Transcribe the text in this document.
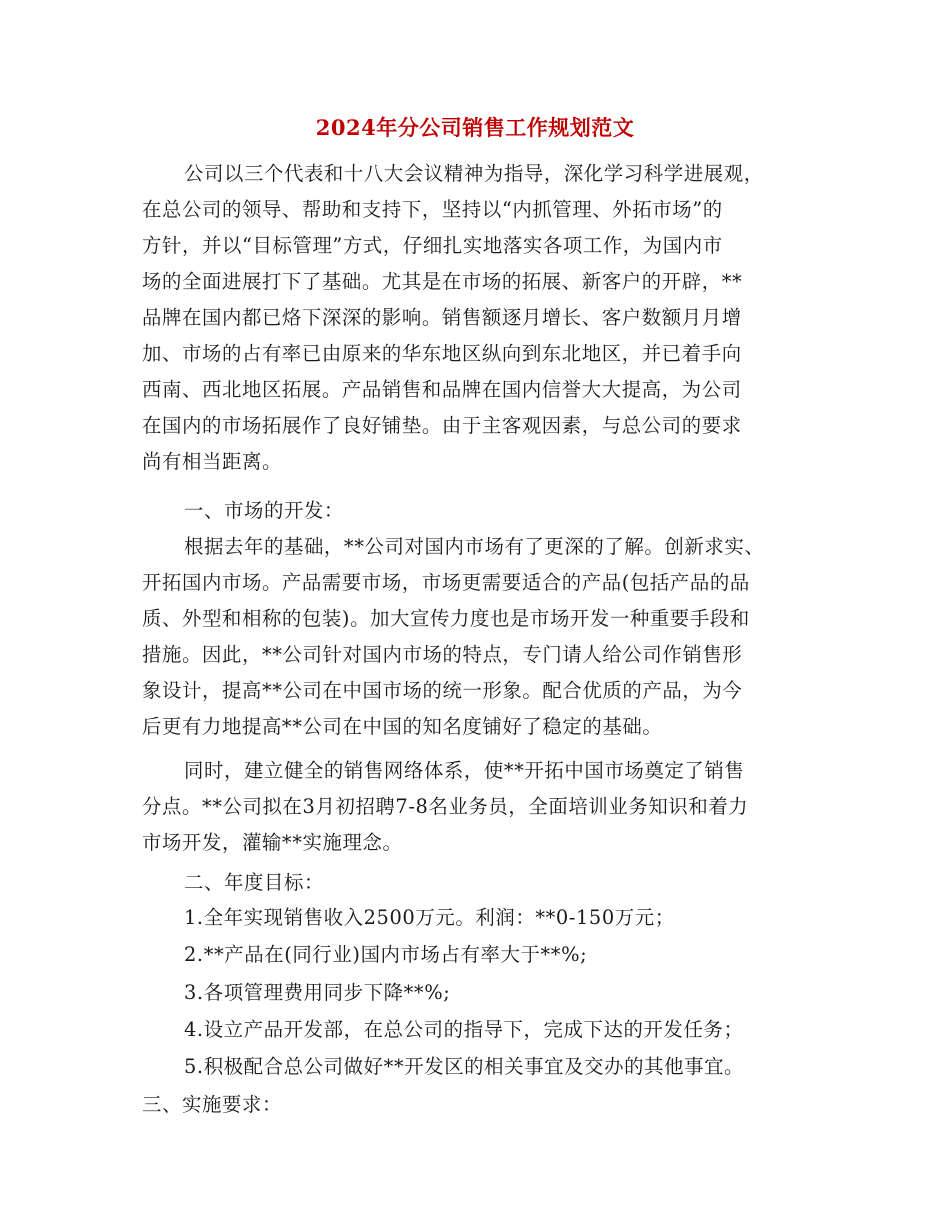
2024年分公司销售工作规划范文
公司以三个代表和十八大会议精神为指导，深化学习科学进展观，
在总公司的领导、帮助和支持下，坚持以“内抓管理、外拓市场”的
方针，并以“目标管理”方式，仔细扎实地落实各项工作，为国内市
场的全面进展打下了基础。尤其是在市场的拓展、新客户的开辟，**
品牌在国内都已烙下深深的影响。销售额逐月增长、客户数额月月增
加、市场的占有率已由原来的华东地区纵向到东北地区，并已着手向
西南、西北地区拓展。产品销售和品牌在国内信誉大大提高，为公司
在国内的市场拓展作了良好铺垫。由于主客观因素，与总公司的要求
尚有相当距离。
一、市场的开发：
根据去年的基础，**公司对国内市场有了更深的了解。创新求实、
开拓国内市场。产品需要市场，市场更需要适合的产品(包括产品的品
质、外型和相称的包装)。加大宣传力度也是市场开发一种重要手段和
措施。因此，**公司针对国内市场的特点，专门请人给公司作销售形
象设计，提高**公司在中国市场的统一形象。配合优质的产品，为今
后更有力地提高**公司在中国的知名度铺好了稳定的基础。
同时，建立健全的销售网络体系，使**开拓中国市场奠定了销售
分点。**公司拟在3月初招聘7-8名业务员，全面培训业务知识和着力
市场开发，灌输**实施理念。
二、年度目标：
1.全年实现销售收入2500万元。利润：**0-150万元；
2.**产品在(同行业)国内市场占有率大于**%;
3.各项管理费用同步下降**%;
4.设立产品开发部，在总公司的指导下，完成下达的开发任务；
5.积极配合总公司做好**开发区的相关事宜及交办的其他事宜。
三、实施要求：
